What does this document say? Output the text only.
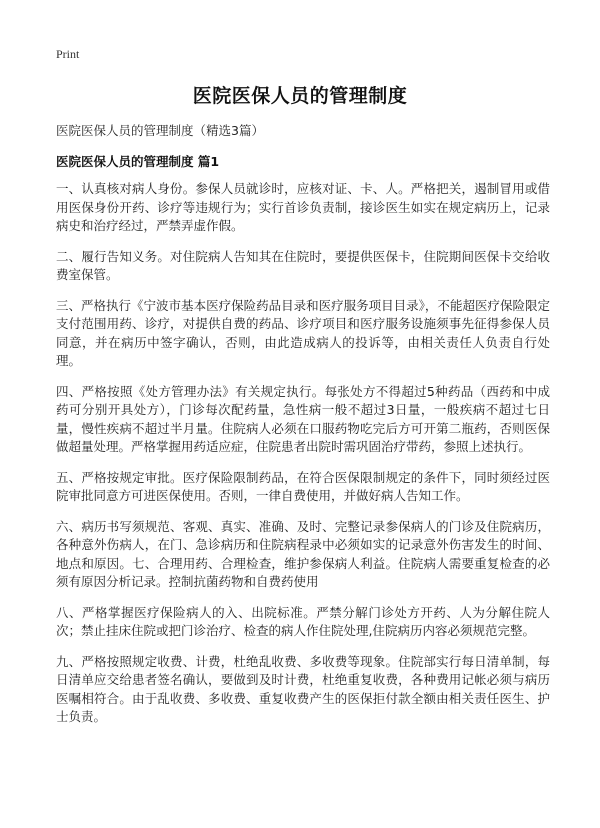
Print
医院医保人员的管理制度
医院医保人员的管理制度（精选3篇）
医院医保人员的管理制度 篇1

一、认真核对病人身份。参保人员就诊时，应核对证、卡、人。严格把关，遏制冒用或借用医保身份开药、诊疗等违规行为；实行首诊负责制，接诊医生如实在规定病历上，记录病史和治疗经过，严禁弄虚作假。

二、履行告知义务。对住院病人告知其在住院时，要提供医保卡，住院期间医保卡交给收费室保管。

三、严格执行《宁波市基本医疗保险药品目录和医疗服务项目目录》，不能超医疗保险限定支付范围用药、诊疗，对提供自费的药品、诊疗项目和医疗服务设施须事先征得参保人员同意，并在病历中签字确认，否则，由此造成病人的投诉等，由相关责任人负责自行处理。

四、严格按照《处方管理办法》有关规定执行。每张处方不得超过5种药品（西药和中成药可分别开具处方），门诊每次配药量，急性病一般不超过3日量，一般疾病不超过七日量，慢性疾病不超过半月量。住院病人必须在口服药物吃完后方可开第二瓶药，否则医保做超量处理。严格掌握用药适应症，住院患者出院时需巩固治疗带药，参照上述执行。

五、严格按规定审批。医疗保险限制药品，在符合医保限制规定的条件下，同时须经过医院审批同意方可进医保使用。否则，一律自费使用，并做好病人告知工作。

六、病历书写须规范、客观、真实、准确、及时、完整记录参保病人的门诊及住院病历，各种意外伤病人，在门、急诊病历和住院病程录中必须如实的记录意外伤害发生的时间、地点和原因。七、合理用药、合理检查，维护参保病人利益。住院病人需要重复检查的必须有原因分析记录。控制抗菌药物和自费药使用

八、严格掌握医疗保险病人的入、出院标准。严禁分解门诊处方开药、人为分解住院人次；禁止挂床住院或把门诊治疗、检查的病人作住院处理,住院病历内容必须规范完整。

九、严格按照规定收费、计费，杜绝乱收费、多收费等现象。住院部实行每日清单制，每日清单应交给患者签名确认，要做到及时计费，杜绝重复收费，各种费用记帐必须与病历医嘱相符合。由于乱收费、多收费、重复收费产生的医保拒付款全额由相关责任医生、护士负责。
